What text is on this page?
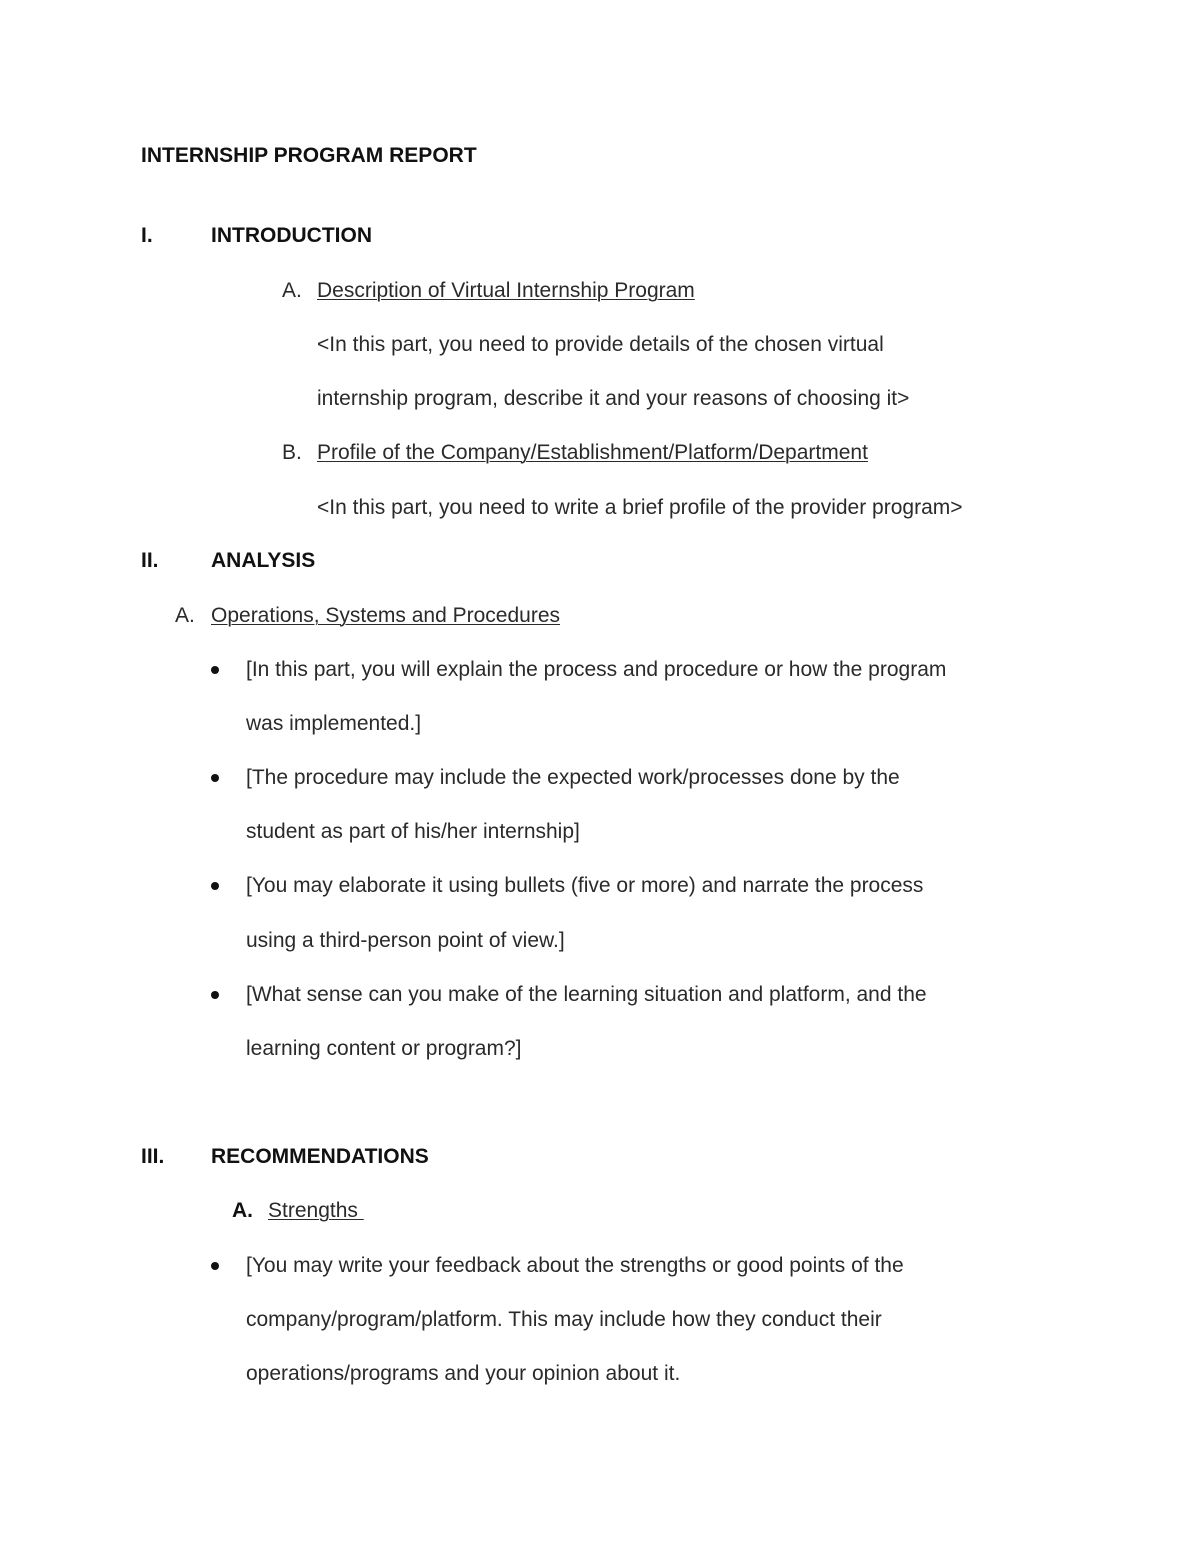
INTERNSHIP PROGRAM REPORT
I.	INTRODUCTION
A. Description of Virtual Internship Program
<In this part, you need to provide details of the chosen virtual
internship program, describe it and your reasons of choosing it>
B. Profile of the Company/Establishment/Platform/Department
<In this part, you need to write a brief profile of the provider program>
II. ANALYSIS
A. Operations, Systems and Procedures
[In this part, you will explain the process and procedure or how the program
was implemented.]
[The procedure may include the expected work/processes done by the
student as part of his/her internship]
[You may elaborate it using bullets (five or more) and narrate the process
using a third-person point of view.]
[What sense can you make of the learning situation and platform, and the
learning content or program?]
III. RECOMMENDATIONS
A. Strengths
[You may write your feedback about the strengths or good points of the
company/program/platform. This may include how they conduct their
operations/programs and your opinion about it.
